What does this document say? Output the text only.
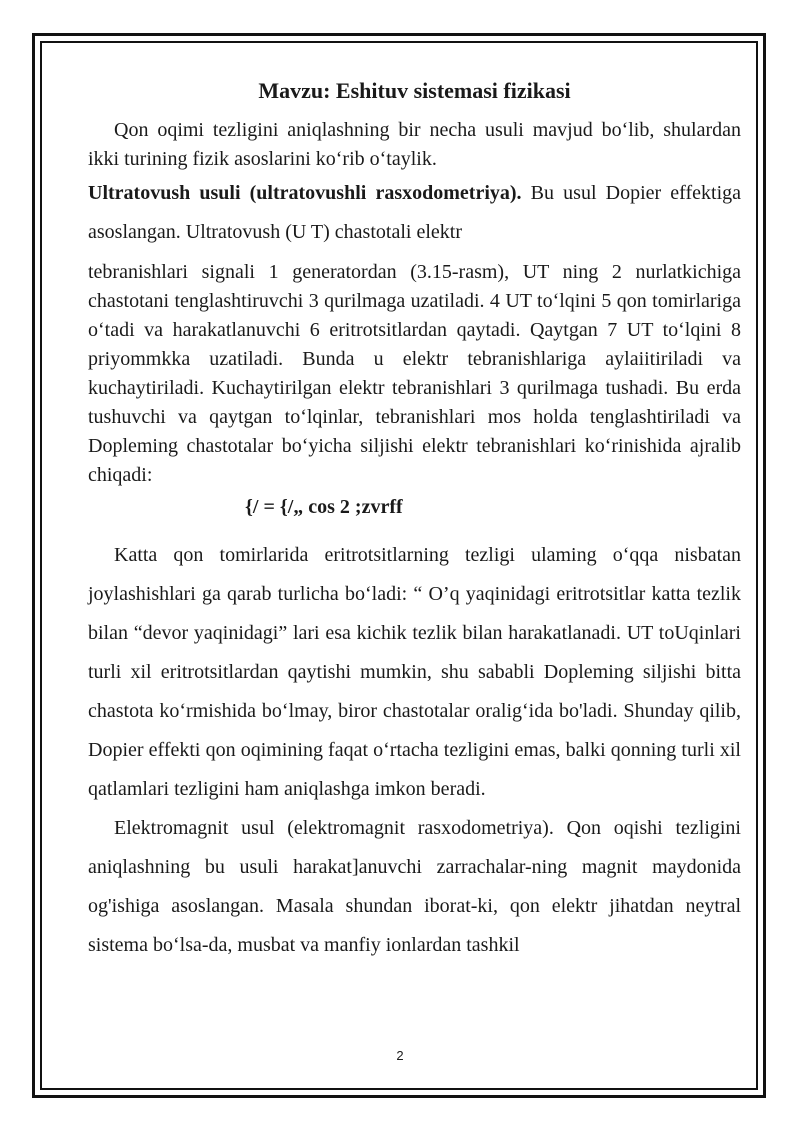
Mavzu: Eshituv sistemasi fizikasi

Qon oqimi tezligini aniqlashning bir necha usuli mavjud bo‘lib, shulardan ikki turining fizik asoslarini ko‘rib o‘taylik.

Ultratovush usuli (ultratovushli rasxodometriya). Bu usul Dopier effektiga asoslangan. Ultratovush (U T) chastotali elektr

tebranishlari signali 1 generatordan (3.15-rasm), UT ning 2 nurlatkichiga chastotani tenglashtiruvchi 3 qurilmaga uzatiladi. 4 UT to‘lqini 5 qon tomirlariga o‘tadi va harakatlanuvchi 6 eritrotsitlardan qaytadi. Qaytgan 7 UT to‘lqini 8 priyommkka uzatiladi. Bunda u elektr tebranishlariga aylaiitiriladi va kuchaytiriladi. Kuchaytirilgan elektr tebranishlari 3 qurilmaga tushadi. Bu erda tushuvchi va qaytgan to‘lqinlar, tebranishlari mos holda tenglashtiriladi va Dopleming chastotalar bo‘yicha siljishi elektr tebranishlari ko‘rinishida ajralib chiqadi:

{/ = {/„ cos 2 ;zvrff

Katta qon tomirlarida eritrotsitlarning tezligi ulaming o‘qqa nisbatan joylashishlari ga qarab turlicha bo‘ladi: “ O’q yaqinidagi eritrotsitlar katta tezlik bilan “devor yaqinidagi” lari esa kichik tezlik bilan harakatlanadi. UT toUqinlari turli xil eritrotsitlardan qaytishi mumkin, shu sababli Dopleming siljishi bitta chastota ko‘rmishida bo‘lmay, biror chastotalar oralig‘ida bo'ladi. Shunday qilib, Dopier effekti qon oqimining faqat o‘rtacha tezligini emas, balki qonning turli xil qatlamlari tezligini ham aniqlashga imkon beradi.

Elektromagnit usul (elektromagnit rasxodometriya). Qon oqishi tezligini aniqlashning bu usuli harakat]anuvchi zarrachalar-ning magnit maydonida og'ishiga asoslangan. Masala shundan iborat-ki, qon elektr jihatdan neytral sistema bo‘lsa-da, musbat va manfiy ionlardan tashkil

2
